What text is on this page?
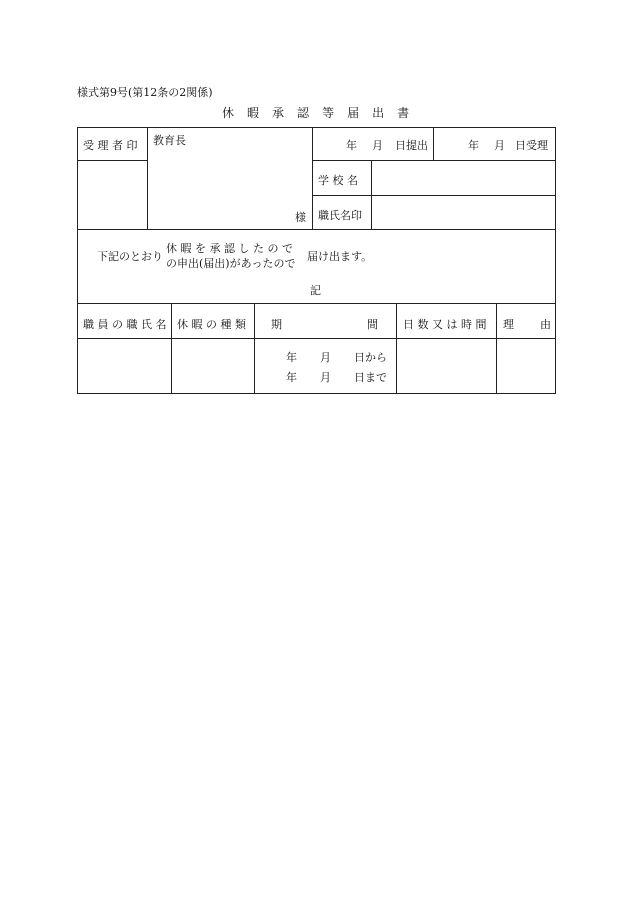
様式第9号(第12条の2関係)
休 暇 承 認 等 届 出 書
受 理 者 印 教育長
様
年 月 日提出	年 月 日受理
学 校 名
職氏名印
下記のとおり
休 暇 を 承 認 し た の で
の申出(届出)があったので
届け出ます。
記
職 員 の 職 氏 名 休 暇 の 種 類 期	間 日 数 又 は 時 間 理 由
年 月 日から
年 月 日まで
